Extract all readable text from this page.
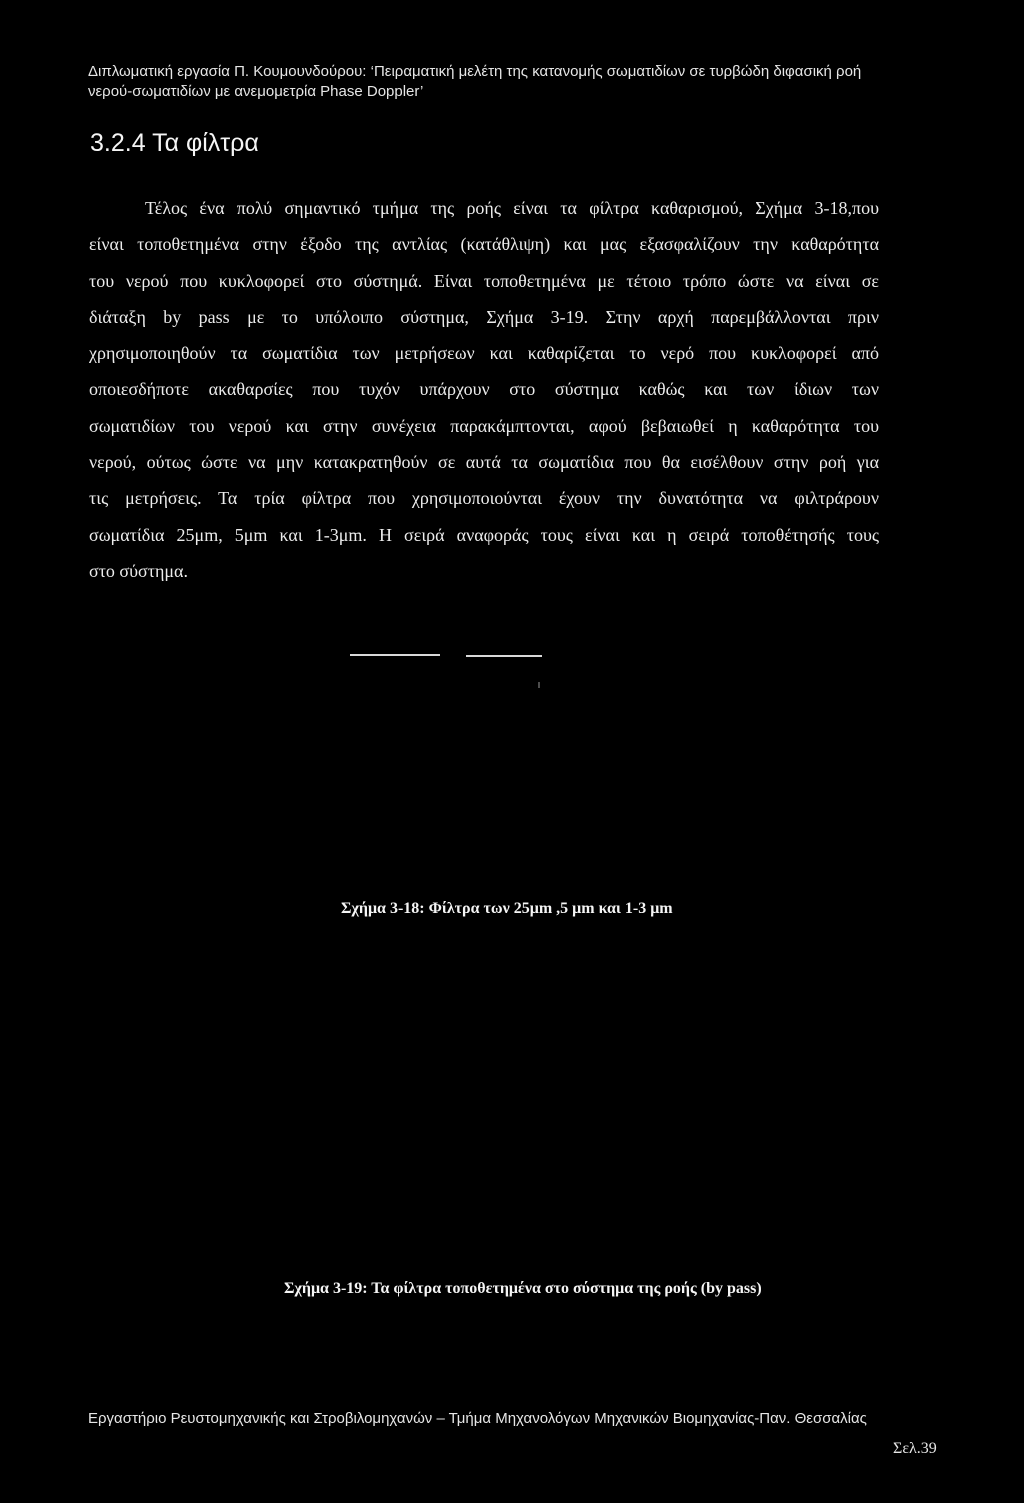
Διπλωματική εργασία Π. Κουμουνδούρου: ‘Πειραματική μελέτη της κατανομής σωματιδίων σε τυρβώδη διφασική ροή
νερού-σωματιδίων με ανεμομετρία Phase Doppler’
3.2.4 Τα φίλτρα
Τέλος ένα πολύ σημαντικό τμήμα της ροής είναι τα φίλτρα καθαρισμού, Σχήμα 3-18,που
είναι τοποθετημένα στην έξοδο της αντλίας (κατάθλιψη) και μας εξασφαλίζουν την καθαρότητα
του νερού που κυκλοφορεί στο σύστημά. Είναι τοποθετημένα με τέτοιο τρόπο ώστε να είναι σε
διάταξη by pass με το υπόλοιπο σύστημα, Σχήμα 3-19. Στην αρχή παρεμβάλλονται πριν
χρησιμοποιηθούν τα σωματίδια των μετρήσεων και καθαρίζεται το νερό που κυκλοφορεί από
οποιεσδήποτε ακαθαρσίες που τυχόν υπάρχουν στο σύστημα καθώς και των ίδιων των
σωματιδίων του νερού και στην συνέχεια παρακάμπτονται, αφού βεβαιωθεί η καθαρότητα του
νερού, ούτως ώστε να μην κατακρατηθούν σε αυτά τα σωματίδια που θα εισέλθουν στην ροή για
τις μετρήσεις. Τα τρία φίλτρα που χρησιμοποιούνται έχουν την δυνατότητα να φιλτράρουν
σωματίδια 25μm, 5μm και 1-3μm. Η σειρά αναφοράς τους είναι και η σειρά τοποθέτησής τους
στο σύστημα.
Σχήμα 3-18: Φίλτρα των 25μm ,5 μm και 1-3 μm
Σχήμα 3-19: Τα φίλτρα τοποθετημένα στο σύστημα της ροής (by pass)
Εργαστήριο Ρευστομηχανικής και Στροβιλομηχανών – Τμήμα Μηχανολόγων Μηχανικών Βιομηχανίας-Παν. Θεσσαλίας
Σελ.39
